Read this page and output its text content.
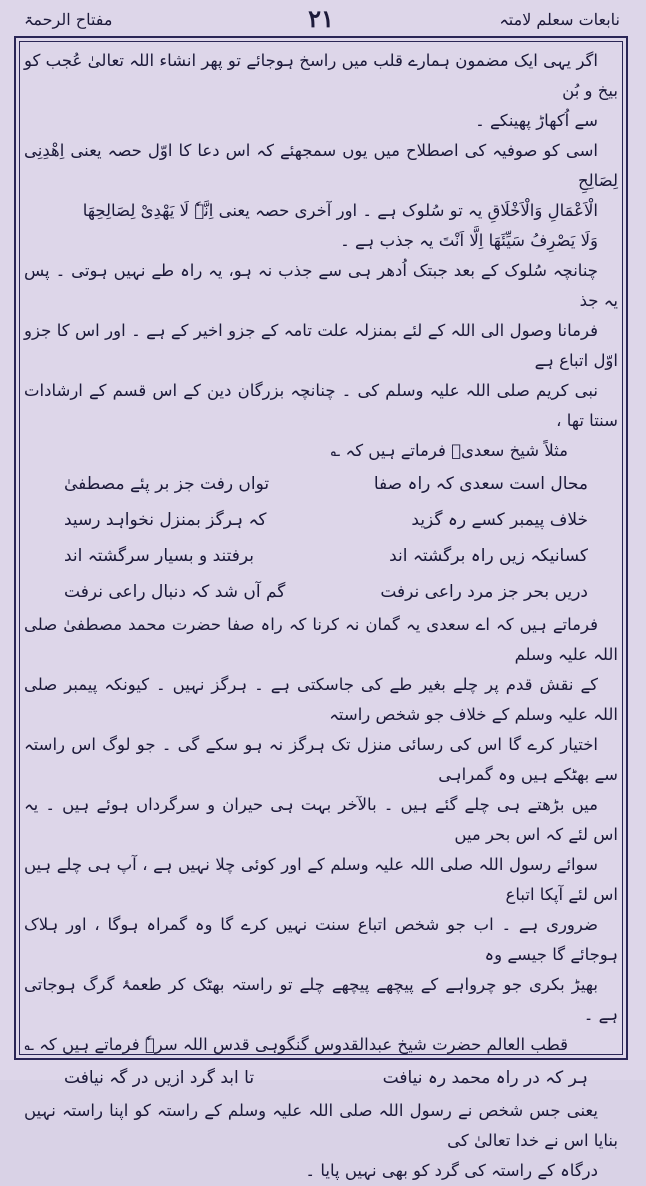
نابعات سعلم لامتہ
۲۱
مفتاح الرحمۃ

اگر یہی ایک مضمون ہمارے قلب میں راسخ ہوجائے تو پھر انشاء اللہ تعالیٰ عُجب کو بیخ و بُن
سے اُکھاڑ پھینکے ۔

اسی کو صوفیہ کی اصطلاح میں یوں سمجھئے کہ اس دعا کا اوّل حصہ یعنی اِھْدِنِی لِصَالِحِ
الْاَعْمَالِ وَالْاَخْلَاقِ یہ تو سُلوک ہے ۔ اور آخری حصہ یعنی اِنَّہٗ لَا یَھْدِیْ لِصَالِحِھَا
وَلَا یَصْرِفُ سَیِّئَھَا اِلَّا اَنْتَ یہ جذب ہے ۔

چنانچہ سُلوک کے بعد جبتک اُدھر ہی سے جذب نہ ہو، یہ راہ طے نہیں ہوتی ۔ پس یہ جذ
فرمانا وصول الی اللہ کے لئے بمنزلہ علت تامہ کے جزو اخیر کے ہے ۔ اور اس کا جزو اوّل اتباع ہے
نبی کریم صلی اللہ علیہ وسلم کی ۔ چنانچہ بزرگان دین کے اس قسم کے ارشادات سنتا تھا ،

مثلاً شیخ سعدیؒ فرماتے ہیں کہ ؎
محال است سعدی کہ راہ صفا
تواں رفت جز بر پئے مصطفیٰ
خلاف پیمبر کسے رہ گزید
کہ ہرگز بمنزل نخواہد رسید
کسانیکہ زیں راہ برگشتہ اند
برفتند و بسیار سرگشتہ اند
دریں بحر جز مرد راعی نرفت
گم آں شد کہ دنبال راعی نرفت

فرماتے ہیں کہ اے سعدی یہ گمان نہ کرنا کہ راہ صفا حضرت محمد مصطفیٰ صلی اللہ علیہ وسلم
کے نقش قدم پر چلے بغیر طے کی جاسکتی ہے ۔ ہرگز نہیں ۔ کیونکہ پیمبر صلی اللہ علیہ وسلم کے خلاف جو شخص راستہ
اختیار کرے گا اس کی رسائی منزل تک ہرگز نہ ہو سکے گی ۔ جو لوگ اس راستہ سے بھٹکے ہیں وہ گمراہی
میں بڑھتے ہی چلے گئے ہیں ۔ بالآخر بہت ہی حیران و سرگرداں ہوئے ہیں ۔ یہ اس لئے کہ اس بحر میں
سوائے رسول اللہ صلی اللہ علیہ وسلم کے اور کوئی چلا نہیں ہے ، آپ ہی چلے ہیں اس لئے آپکا اتباع
ضروری ہے ۔ اب جو شخص اتباع سنت نہیں کرے گا وہ گمراہ ہوگا ، اور ہلاک ہوجائے گا جیسے وہ
بھیڑ بکری جو چرواہے کے پیچھے پیچھے چلے تو راستہ بھٹک کر طعمۂ گرگ ہوجاتی ہے ۔

قطب العالم حضرت شیخ عبدالقدوس گنگوہی قدس اللہ سرہٗ فرماتے ہیں کہ ؎
ہر کہ در راہ محمد رہ نیافت
تا ابد گرد ازیں در گہ نیافت

یعنی جس شخص نے رسول اللہ صلی اللہ علیہ وسلم کے راستہ کو اپنا راستہ نہیں بنایا اس نے خدا تعالیٰ کی
درگاہ کے راستہ کی گرد کو بھی نہیں پایا ۔
